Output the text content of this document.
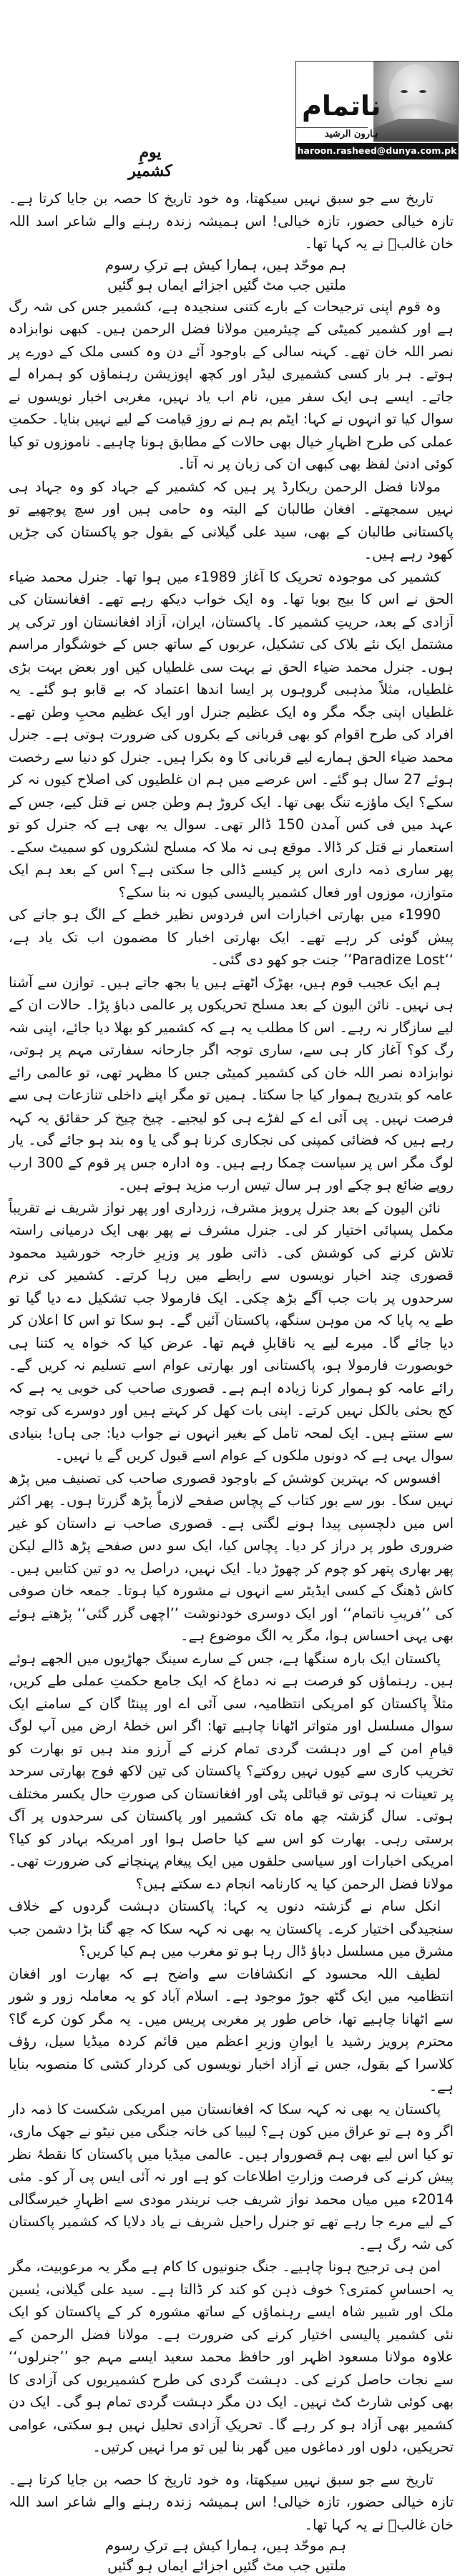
ناتمام
ہارون الرشید
haroon.rasheed@dunya.com.pk
یومِ کشمیر

تاریخ سے جو سبق نہیں سیکھتا، وہ خود تاریخ کا حصہ بن جایا کرتا ہے۔ تازہ خیالی حضور، تازہ خیالی! اس ہمیشہ زندہ رہنے والے شاعر اسد اللہ خان غالبؔ نے یہ کہا تھا۔

ہم موحّد ہیں، ہمارا کیش ہے ترکِ رسوم
ملتیں جب مٹ گئیں اجزائے ایماں ہو گئیں

وہ قوم اپنی ترجیحات کے بارے کتنی سنجیدہ ہے، کشمیر جس کی شہ رگ ہے اور کشمیر کمیٹی کے چیئرمین مولانا فضل الرحمن ہیں۔ کبھی نوابزادہ نصر اللہ خان تھے۔ کہنہ سالی کے باوجود آئے دن وہ کسی ملک کے دورے پر ہوتے۔ ہر بار کسی کشمیری لیڈر اور کچھ اپوزیشن رہنماؤں کو ہمراہ لے جاتے۔ ایسے ہی ایک سفر میں، نام اب یاد نہیں، مغربی اخبار نویسوں نے سوال کیا تو انہوں نے کہا: ایٹم بم ہم نے روزِ قیامت کے لیے نہیں بنایا۔ حکمتِ عملی کی طرح اظہارِ خیال بھی حالات کے مطابق ہونا چاہیے۔ ناموزوں تو کیا کوئی ادنیٰ لفظ بھی کبھی ان کی زبان پر نہ آتا۔

مولانا فضل الرحمن ریکارڈ پر ہیں کہ کشمیر کے جہاد کو وہ جہاد ہی نہیں سمجھتے۔ افغان طالبان کے البتہ وہ حامی ہیں اور سچ پوچھیے تو پاکستانی طالبان کے بھی، سید علی گیلانی کے بقول جو پاکستان کی جڑیں کھود رہے ہیں۔

کشمیر کی موجودہ تحریک کا آغاز 1989ء میں ہوا تھا۔ جنرل محمد ضیاء الحق نے اس کا بیج بویا تھا۔ وہ ایک خواب دیکھ رہے تھے۔ افغانستان کی آزادی کے بعد، حریتِ کشمیر کا۔ پاکستان، ایران، آزاد افغانستان اور ترکی پر مشتمل ایک نئے بلاک کی تشکیل، عربوں کے ساتھ جس کے خوشگوار مراسم ہوں۔ جنرل محمد ضیاء الحق نے بہت سی غلطیاں کیں اور بعض بہت بڑی غلطیاں، مثلاً مذہبی گروہوں پر ایسا اندھا اعتماد کہ بے قابو ہو گئے۔ یہ غلطیاں اپنی جگہ مگر وہ ایک عظیم جنرل اور ایک عظیم محبِ وطن تھے۔ افراد کی طرح اقوام کو بھی قربانی کے بکروں کی ضرورت ہوتی ہے۔ جنرل محمد ضیاء الحق ہمارے لیے قربانی کا وہ بکرا ہیں۔ جنرل کو دنیا سے رخصت ہوئے 27 سال ہو گئے۔ اس عرصے میں ہم ان غلطیوں کی اصلاح کیوں نہ کر سکے؟ ایک ماؤزے تنگ بھی تھا۔ ایک کروڑ ہم وطن جس نے قتل کیے، جس کے عہد میں فی کس آمدن 150 ڈالر تھی۔ سوال یہ بھی ہے کہ جنرل کو تو استعمار نے قتل کر ڈالا۔ موقع ہی نہ ملا کہ مسلح لشکروں کو سمیٹ سکے۔ پھر ساری ذمہ داری اس پر کیسے ڈالی جا سکتی ہے؟ اس کے بعد ہم ایک متوازن، موزوں اور فعال کشمیر پالیسی کیوں نہ بنا سکے؟

1990ء میں بھارتی اخبارات اس فردوس نظیر خطے کے الگ ہو جانے کی پیش گوئی کر رہے تھے۔ ایک بھارتی اخبار کا مضمون اب تک یاد ہے، ‘‘Paradize Lost’’ جنت جو کھو دی گئی۔

ہم ایک عجیب قوم ہیں، بھڑک اٹھتے ہیں یا بجھ جاتے ہیں۔ توازن سے آشنا ہی نہیں۔ نائن الیون کے بعد مسلح تحریکوں پر عالمی دباؤ پڑا۔ حالات ان کے لیے سازگار نہ رہے۔ اس کا مطلب یہ ہے کہ کشمیر کو بھلا دیا جائے، اپنی شہ رگ کو؟ آغاز کار ہی سے، ساری توجہ اگر جارحانہ سفارتی مہم پر ہوتی، نوابزادہ نصر اللہ خان کی کشمیر کمیٹی جس کا مظہر تھی، تو عالمی رائے عامہ کو بتدریج ہموار کیا جا سکتا۔ ہمیں تو مگر اپنے داخلی تنازعات ہی سے فرصت نہیں۔ پی آئی اے کے لفڑے ہی کو لیجیے۔ چیخ چیخ کر حقائق یہ کہہ رہے ہیں کہ فضائی کمپنی کی نجکاری کرنا ہو گی یا وہ بند ہو جائے گی۔ یار لوگ مگر اس پر سیاست چمکا رہے ہیں۔ وہ ادارہ جس پر قوم کے 300 ارب روپے ضائع ہو چکے اور ہر سال تیس ارب مزید ہوتے ہیں۔

نائن الیون کے بعد جنرل پرویز مشرف، زرداری اور پھر نواز شریف نے تقریباً مکمل پسپائی اختیار کر لی۔ جنرل مشرف نے پھر بھی ایک درمیانی راستہ تلاش کرنے کی کوشش کی۔ ذاتی طور پر وزیرِ خارجہ خورشید محمود قصوری چند اخبار نویسوں سے رابطے میں رہا کرتے۔ کشمیر کی نرم سرحدوں پر بات جب آگے بڑھ چکی۔ ایک فارمولا جب تشکیل دے دیا گیا تو طے یہ پایا کہ من موہن سنگھ، پاکستان آئیں گے۔ ہو سکا تو اس کا اعلان کر دیا جائے گا۔ میرے لیے یہ ناقابلِ فہم تھا۔ عرض کیا کہ خواہ یہ کتنا ہی خوبصورت فارمولا ہو، پاکستانی اور بھارتی عوام اسے تسلیم نہ کریں گے۔ رائے عامہ کو ہموار کرنا زیادہ اہم ہے۔ قصوری صاحب کی خوبی یہ ہے کہ کج بحثی بالکل نہیں کرتے۔ اپنی بات کھل کر کہتے ہیں اور دوسرے کی توجہ سے سنتے ہیں۔ ایک لمحہ تامل کے بغیر انہوں نے جواب دیا: جی ہاں! بنیادی سوال یہی ہے کہ دونوں ملکوں کے عوام اسے قبول کریں گے یا نہیں۔

افسوس کہ بہترین کوشش کے باوجود قصوری صاحب کی تصنیف میں پڑھ نہیں سکا۔ بور سے بور کتاب کے پچاس صفحے لازماً پڑھ گزرتا ہوں۔ پھر اکثر اس میں دلچسپی پیدا ہونے لگتی ہے۔ قصوری صاحب نے داستان کو غیر ضروری طور پر دراز کر دیا۔ پچاس کیا، ایک سو دس صفحے پڑھ ڈالے لیکن پھر بھاری پتھر کو چوم کر چھوڑ دیا۔ ایک نہیں، دراصل یہ دو تین کتابیں ہیں۔ کاش ڈھنگ کے کسی ایڈیٹر سے انہوں نے مشورہ کیا ہوتا۔ جمعہ خان صوفی کی ’’فریبِ ناتمام‘‘ اور ایک دوسری خودنوشت ’’اچھی گزر گئی‘‘ پڑھتے ہوئے بھی یہی احساس ہوا، مگر یہ الگ موضوع ہے۔

پاکستان ایک بارہ سنگھا ہے، جس کے سارے سینگ جھاڑیوں میں الجھے ہوئے ہیں۔ رہنماؤں کو فرصت ہے نہ دماغ کہ ایک جامع حکمتِ عملی طے کریں، مثلاً پاکستان کو امریکی انتظامیہ، سی آئی اے اور پینٹا گان کے سامنے ایک سوال مسلسل اور متواتر اٹھانا چاہیے تھا: اگر اس خطۂ ارض میں آپ لوگ قیامِ امن کے اور دہشت گردی تمام کرنے کے آرزو مند ہیں تو بھارت کو تخریب کاری سے کیوں نہیں روکتے؟ پاکستان کی تین لاکھ فوج بھارتی سرحد پر تعینات نہ ہوتی تو قبائلی پٹی اور افغانستان کی صورتِ حال یکسر مختلف ہوتی۔ سال گزشتہ چھ ماہ تک کشمیر اور پاکستان کی سرحدوں پر آگ برستی رہی۔ بھارت کو اس سے کیا حاصل ہوا اور امریکہ بہادر کو کیا؟ امریکی اخبارات اور سیاسی حلقوں میں ایک پیغام پہنچانے کی ضرورت تھی۔ مولانا فضل الرحمن کیا یہ کارنامہ انجام دے سکتے ہیں؟

انکل سام نے گزشتہ دنوں یہ کہا: پاکستان دہشت گردوں کے خلاف سنجیدگی اختیار کرے۔ پاکستان یہ بھی نہ کہہ سکا کہ چھ گنا بڑا دشمن جب مشرق میں مسلسل دباؤ ڈال رہا ہو تو مغرب میں ہم کیا کریں؟

لطیف اللہ محسود کے انکشافات سے واضح ہے کہ بھارت اور افغان انتظامیہ میں ایک گٹھ جوڑ موجود ہے۔ اسلام آباد کو یہ معاملہ زور و شور سے اٹھانا چاہیے تھا، خاص طور پر مغربی پریس میں۔ یہ مگر کون کرے گا؟ محترم پرویز رشید یا ایوانِ وزیرِ اعظم میں قائم کردہ میڈیا سیل، رؤف کلاسرا کے بقول، جس نے آزاد اخبار نویسوں کی کردار کشی کا منصوبہ بنایا ہے۔

پاکستان یہ بھی نہ کہہ سکا کہ افغانستان میں امریکی شکست کا ذمہ دار اگر وہ ہے تو عراق میں کون ہے؟ لیبیا کی خانہ جنگی میں نیٹو نے جھک ماری، تو کیا اس لیے بھی ہم قصوروار ہیں۔ عالمی میڈیا میں پاکستان کا نقطۂ نظر پیش کرنے کی فرصت وزارتِ اطلاعات کو ہے اور نہ آئی ایس پی آر کو۔ مئی 2014ء میں میاں محمد نواز شریف جب نریندر مودی سے اظہارِ خیرسگالی کے لیے مرے جا رہے تھے تو جنرل راحیل شریف نے یاد دلایا کہ کشمیر پاکستان کی شہ رگ ہے۔

امن ہی ترجیح ہونا چاہیے۔ جنگ جنونیوں کا کام ہے مگر یہ مرعوبیت، مگر یہ احساسِ کمتری؟ خوف ذہن کو کند کر ڈالتا ہے۔ سید علی گیلانی، یٰسین ملک اور شبیر شاہ ایسے رہنماؤں کے ساتھ مشورہ کر کے پاکستان کو ایک نئی کشمیر پالیسی اختیار کرنے کی ضرورت ہے۔ مولانا فضل الرحمن کے علاوہ مولانا مسعود اظہر اور حافظ محمد سعید ایسے مہم جو ’’جنرلوں‘‘ سے نجات حاصل کرنے کی۔ دہشت گردی کی طرح کشمیریوں کی آزادی کا بھی کوئی شارٹ کٹ نہیں۔ ایک دن مگر دہشت گردی تمام ہو گی۔ ایک دن کشمیر بھی آزاد ہو کر رہے گا۔ تحریکِ آزادی تحلیل نہیں ہو سکتی، عوامی تحریکیں، دلوں اور دماغوں میں گھر بنا لیں تو مرا نہیں کرتیں۔

تاریخ سے جو سبق نہیں سیکھتا، وہ خود تاریخ کا حصہ بن جایا کرتا ہے۔ تازہ خیالی حضور، تازہ خیالی! اس ہمیشہ زندہ رہنے والے شاعر اسد اللہ خان غالبؔ نے یہ کہا تھا۔

ہم موحّد ہیں، ہمارا کیش ہے ترکِ رسوم
ملتیں جب مٹ گئیں اجزائے ایماں ہو گئیں
